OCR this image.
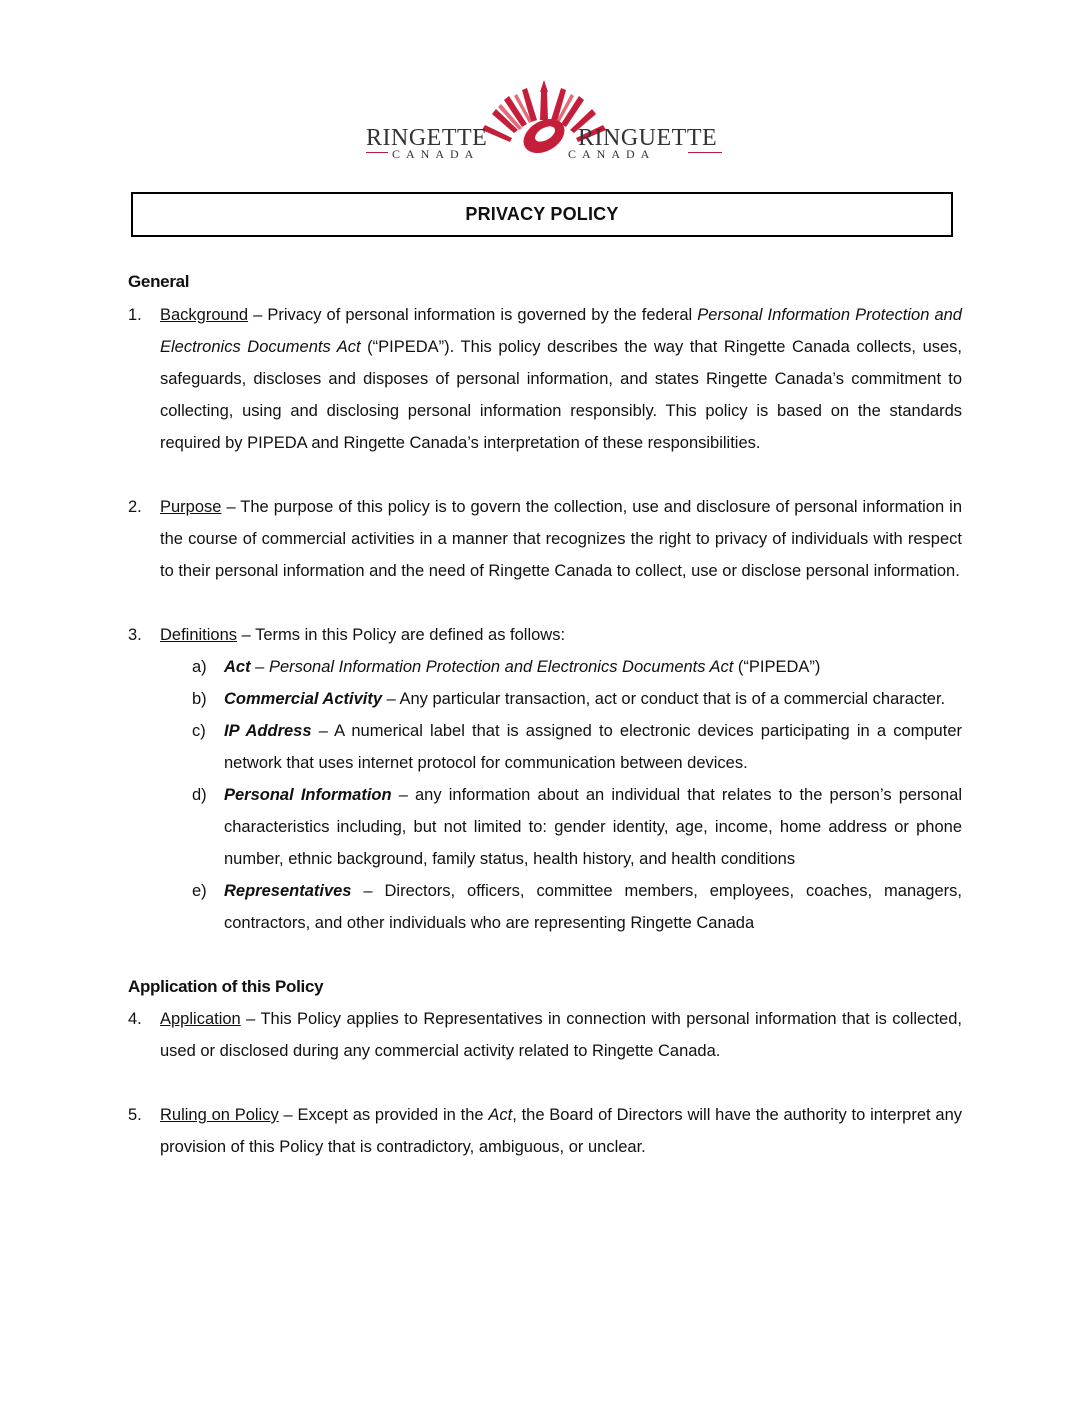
RINGETTE	RINGUETTE
CANADA	CANADA
PRIVACY POLICY
General
1. Background – Privacy of personal information is governed by the federal Personal Information Protection and Electronics Documents Act (“PIPEDA”). This policy describes the way that Ringette Canada collects, uses, safeguards, discloses and disposes of personal information, and states Ringette Canada’s commitment to collecting, using and disclosing personal information responsibly. This policy is based on the standards required by PIPEDA and Ringette Canada’s interpretation of these responsibilities.
2. Purpose – The purpose of this policy is to govern the collection, use and disclosure of personal information in the course of commercial activities in a manner that recognizes the right to privacy of individuals with respect to their personal information and the need of Ringette Canada to collect, use or disclose personal information.
3. Definitions – Terms in this Policy are defined as follows:
a) Act – Personal Information Protection and Electronics Documents Act (“PIPEDA”)
b) Commercial Activity – Any particular transaction, act or conduct that is of a commercial character.
c) IP Address – A numerical label that is assigned to electronic devices participating in a computer network that uses internet protocol for communication between devices.
d) Personal Information – any information about an individual that relates to the person’s personal characteristics including, but not limited to: gender identity, age, income, home address or phone number, ethnic background, family status, health history, and health conditions
e) Representatives – Directors, officers, committee members, employees, coaches, managers, contractors, and other individuals who are representing Ringette Canada
Application of this Policy
4. Application – This Policy applies to Representatives in connection with personal information that is collected, used or disclosed during any commercial activity related to Ringette Canada.
5. Ruling on Policy – Except as provided in the Act, the Board of Directors will have the authority to interpret any provision of this Policy that is contradictory, ambiguous, or unclear.
